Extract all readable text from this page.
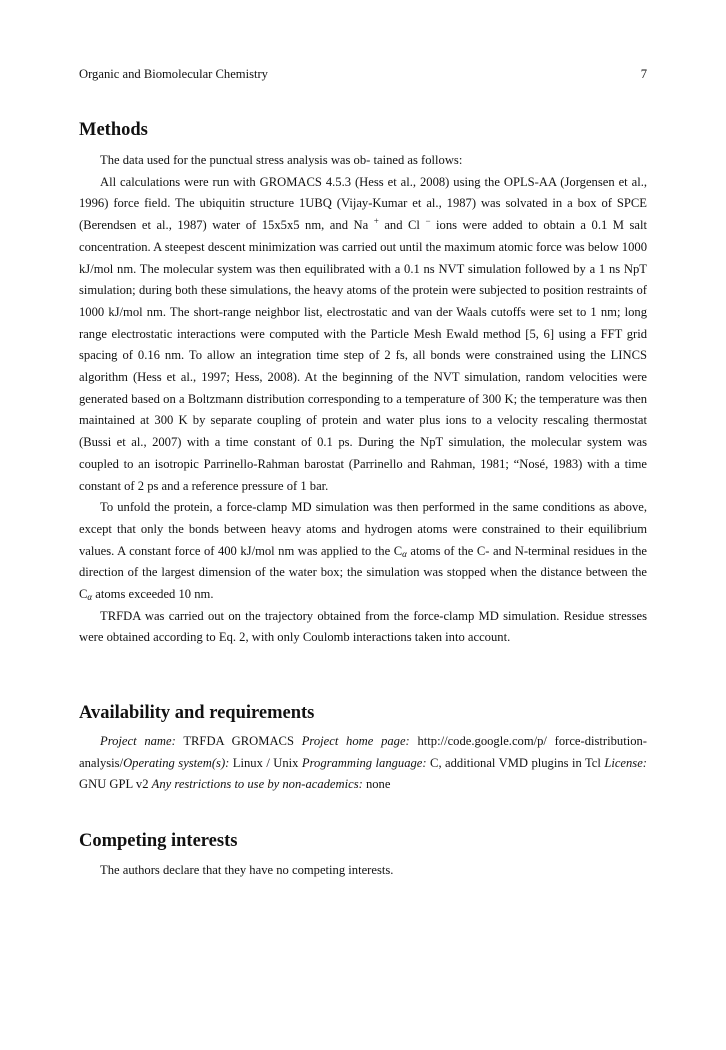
Organic and Biomolecular Chemistry	7
Methods

The data used for the punctual stress analysis was ob- tained as follows:

All calculations were run with GROMACS 4.5.3 (Hess et al., 2008) using the OPLS-AA (Jorgensen et al., 1996) force field. The ubiquitin structure 1UBQ (Vijay-Kumar et al., 1987) was solvated in a box of SPCE (Berendsen et al., 1987) water of 15x5x5 nm, and Na + and Cl − ions were added to obtain a 0.1 M salt concentration. A steepest descent minimization was carried out until the maximum atomic force was below 1000 kJ/mol nm. The molecular system was then equilibrated with a 0.1 ns NVT simulation followed by a 1 ns NpT simulation; during both these simulations, the heavy atoms of the protein were subjected to position restraints of 1000 kJ/mol nm. The short-range neighbor list, electrostatic and van der Waals cutoffs were set to 1 nm; long range electrostatic interactions were computed with the Particle Mesh Ewald method [5, 6] using a FFT grid spacing of 0.16 nm. To allow an integration time step of 2 fs, all bonds were constrained using the LINCS algorithm (Hess et al., 1997; Hess, 2008). At the beginning of the NVT simulation, random velocities were generated based on a Boltzmann distribution corresponding to a temperature of 300 K; the temperature was then maintained at 300 K by separate coupling of protein and water plus ions to a velocity rescaling thermostat (Bussi et al., 2007) with a time constant of 0.1 ps. During the NpT simulation, the molecular system was coupled to an isotropic Parrinello-Rahman barostat (Parrinello and Rahman, 1981; “Nosé, 1983) with a time constant of 2 ps and a reference pressure of 1 bar.

To unfold the protein, a force-clamp MD simulation was then performed in the same conditions as above, except that only the bonds between heavy atoms and hydrogen atoms were constrained to their equilibrium values. A constant force of 400 kJ/mol nm was applied to the $C_\alpha$ atoms of the C- and N-terminal residues in the direction of the largest dimension of the water box; the simulation was stopped when the distance between the $C_\alpha$ atoms exceeded 10 nm.

TRFDA was carried out on the trajectory obtained from the force-clamp MD simulation. Residue stresses were obtained according to Eq. 2, with only Coulomb interactions taken into account.

Availability and requirements

Project name: TRFDA GROMACS Project home page: http://code.google.com/p/ force-distribution-analysis/Operating system(s): Linux / Unix Programming language: C, additional VMD plugins in Tcl License: GNU GPL v2 Any restrictions to use by non-academics: none

Competing interests

The authors declare that they have no competing interests.
